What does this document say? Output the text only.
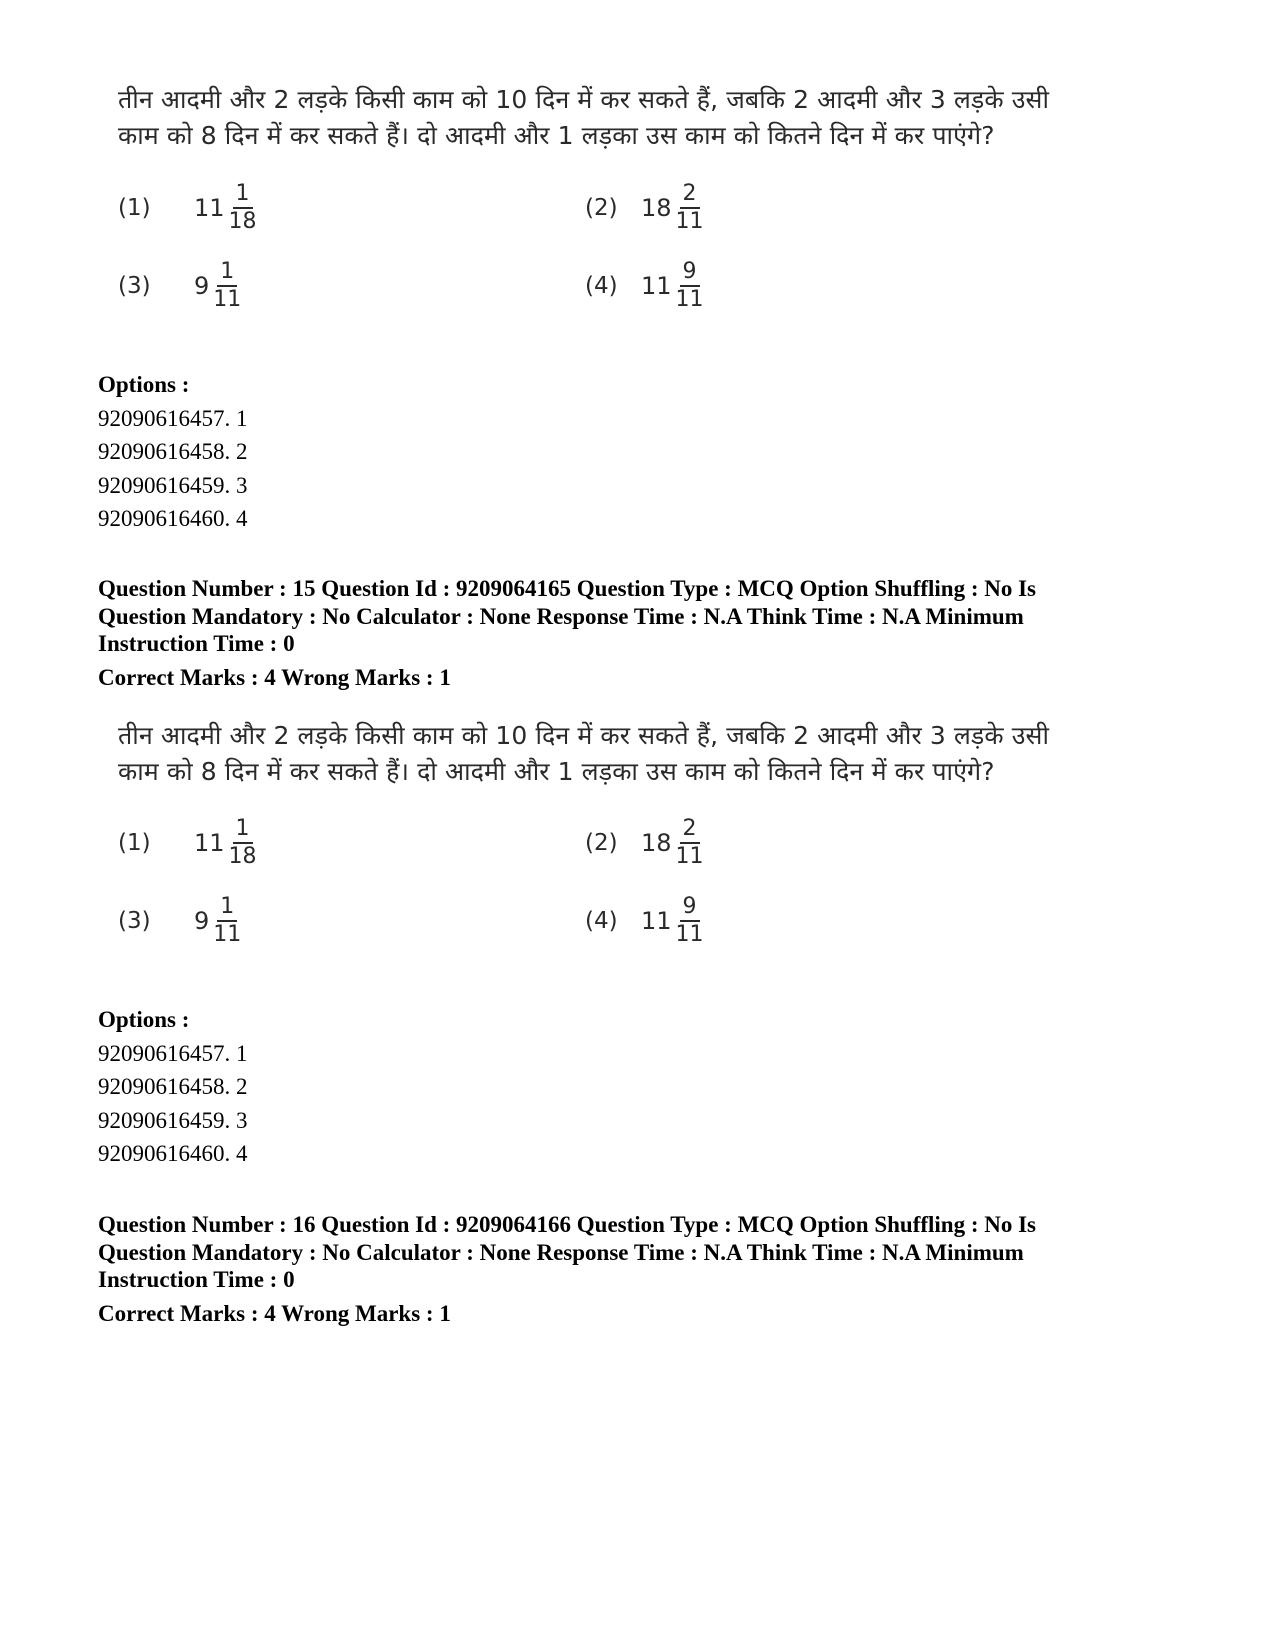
तीन आदमी और 2 लड़के किसी काम को 10 दिन में कर सकते हैं, जबकि 2 आदमी और 3 लड़के उसी
काम को 8 दिन में कर सकते हैं। दो आदमी और 1 लड़का उस काम को कितने दिन में कर पाएंगे?
(1)	$11 \frac{1}{18}$	(2) $18 \frac{2}{11}$
(3)	$9 \frac{1}{11}$	(4) $11 \frac{9}{11}$
Options :
92090616457. 1
92090616458. 2
92090616459. 3
92090616460. 4
Question Number : 15 Question Id : 9209064165 Question Type : MCQ Option Shuffling : No Is
Question Mandatory : No Calculator : None Response Time : N.A Think Time : N.A Minimum
Instruction Time : 0
Correct Marks : 4 Wrong Marks : 1
तीन आदमी और 2 लड़के किसी काम को 10 दिन में कर सकते हैं, जबकि 2 आदमी और 3 लड़के उसी
काम को 8 दिन में कर सकते हैं। दो आदमी और 1 लड़का उस काम को कितने दिन में कर पाएंगे?
(1)	$11 \frac{1}{18}$	(2) $18 \frac{2}{11}$
(3)	$9 \frac{1}{11}$	(4) $11 \frac{9}{11}$
Options :
92090616457. 1
92090616458. 2
92090616459. 3
92090616460. 4
Question Number : 16 Question Id : 9209064166 Question Type : MCQ Option Shuffling : No Is
Question Mandatory : No Calculator : None Response Time : N.A Think Time : N.A Minimum
Instruction Time : 0
Correct Marks : 4 Wrong Marks : 1
